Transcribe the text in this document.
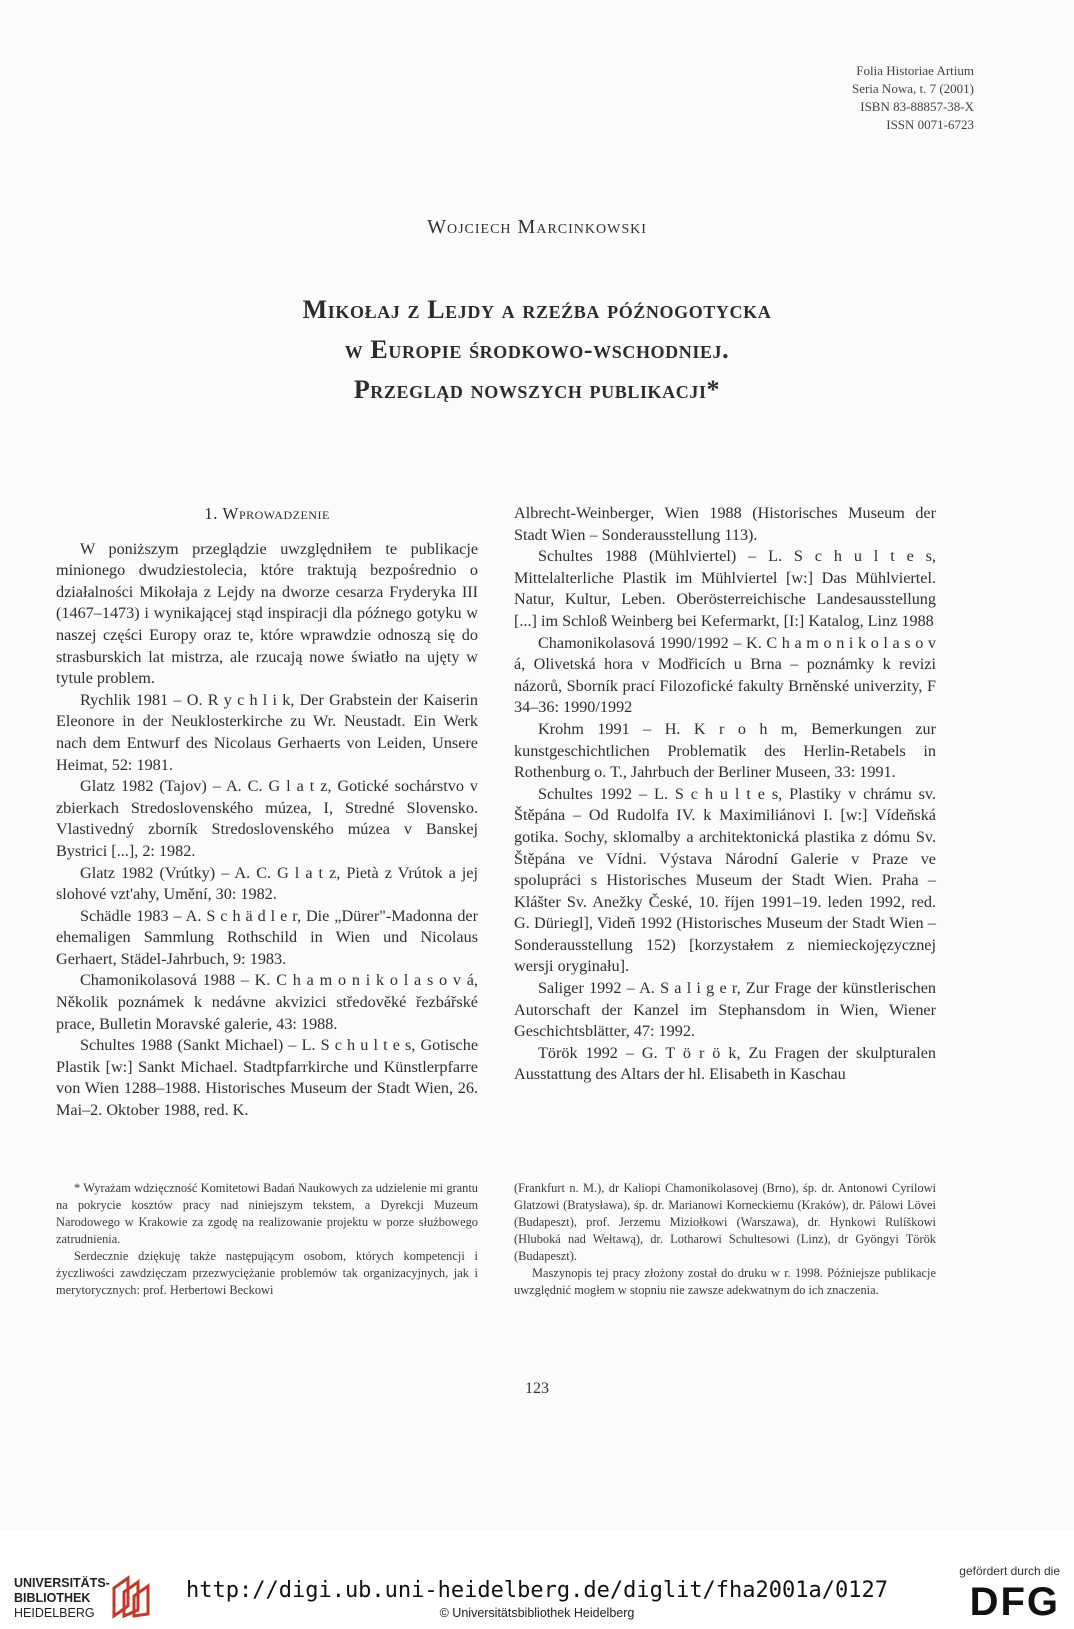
Folia Historiae Artium
Seria Nowa, t. 7 (2001)
ISBN 83-88857-38-X
ISSN 0071-6723
Wojciech Marcinkowski
Mikołaj z Lejdy a rzeźba późnogotycka
w Europie środkowo-wschodniej.
Przegląd nowszych publikacji*
1. Wprowadzenie

W poniższym przeglądzie uwzględniłem te publikacje minionego dwudziestolecia, które traktują bezpośrednio o działalności Mikołaja z Lejdy na dworze cesarza Fryderyka III (1467–1473) i wynikającej stąd inspiracji dla późnego gotyku w naszej części Europy oraz te, które wprawdzie odnoszą się do strasburskich lat mistrza, ale rzucają nowe światło na ujęty w tytule problem.

Rychlik 1981 – O. R y c h l i k, Der Grabstein der Kaiserin Eleonore in der Neuklosterkirche zu Wr. Neustadt. Ein Werk nach dem Entwurf des Nicolaus Gerhaerts von Leiden, Unsere Heimat, 52: 1981.

Glatz 1982 (Tajov) – A. C. G l a t z, Gotické sochárstvo v zbierkach Stredoslovenského múzea, I, Stredné Slovensko. Vlastivedný zborník Stredoslovenského múzea v Banskej Bystrici [...], 2: 1982.

Glatz 1982 (Vrútky) – A. C. G l a t z, Pietà z Vrútok a jej slohové vzt'ahy, Umění, 30: 1982.

Schädle 1983 – A. S c h ä d l e r, Die „Dürer"-Madonna der ehemaligen Sammlung Rothschild in Wien und Nicolaus Gerhaert, Städel-Jahrbuch, 9: 1983.

Chamonikolasová 1988 – K. C h a m o n i k o l a s o v á, Několik poznámek k nedávne akvizici středověké řezbářské prace, Bulletin Moravské galerie, 43: 1988.

Schultes 1988 (Sankt Michael) – L. S c h u l t e s, Gotische Plastik [w:] Sankt Michael. Stadtpfarrkirche und Künstlerpfarre von Wien 1288–1988. Historisches Museum der Stadt Wien, 26. Mai–2. Oktober 1988, red. K.

Albrecht-Weinberger, Wien 1988 (Historisches Museum der Stadt Wien – Sonderausstellung 113).

Schultes 1988 (Mühlviertel) – L. S c h u l t e s, Mittelalterliche Plastik im Mühlviertel [w:] Das Mühlviertel. Natur, Kultur, Leben. Oberösterreichische Landesausstellung [...] im Schloß Weinberg bei Kefermarkt, [I:] Katalog, Linz 1988

Chamonikolasová 1990/1992 – K. C h a m o n i k o l a s o v á, Olivetská hora v Modřicích u Brna – poznámky k revizi názorů, Sborník prací Filozofické fakulty Brněnské univerzity, F 34–36: 1990/1992

Krohm 1991 – H. K r o h m, Bemerkungen zur kunstgeschichtlichen Problematik des Herlin-Retabels in Rothenburg o. T., Jahrbuch der Berliner Museen, 33: 1991.

Schultes 1992 – L. S c h u l t e s, Plastiky v chrámu sv. Štěpána – Od Rudolfa IV. k Maximiliánovi I. [w:] Vídeňská gotika. Sochy, sklomalby a architektonická plastika z dómu Sv. Štěpána ve Vídni. Výstava Národní Galerie v Praze ve spolupráci s Historisches Museum der Stadt Wien. Praha – Klášter Sv. Anežky České, 10. říjen 1991–19. leden 1992, red. G. Düriegl], Videň 1992 (Historisches Museum der Stadt Wien – Sonderausstellung 152) [korzystałem z niemieckojęzycznej wersji oryginału].

Saliger 1992 – A. S a l i g e r, Zur Frage der künstlerischen Autorschaft der Kanzel im Stephansdom in Wien, Wiener Geschichtsblätter, 47: 1992.

Török 1992 – G. T ö r ö k, Zu Fragen der skulpturalen Ausstattung des Altars der hl. Elisabeth in Kaschau

* Wyrażam wdzięczność Komitetowi Badań Naukowych za udzielenie mi grantu na pokrycie kosztów pracy nad niniejszym tekstem, a Dyrekcji Muzeum Narodowego w Krakowie za zgodę na realizowanie projektu w porze służbowego zatrudnienia.

Serdecznie dziękuję także następującym osobom, których kompetencji i życzliwości zawdzięczam przezwyciężanie problemów tak organizacyjnych, jak i merytorycznych: prof. Herbertowi Beckowi

(Frankfurt n. M.), dr Kaliopi Chamonikolasovej (Brno), śp. dr. Antonowi Cyrilowi Glatzowi (Bratysława), śp. dr. Marianowi Korneckiemu (Kraków), dr. Pálowi Lövei (Budapeszt), prof. Jerzemu Miziołkowi (Warszawa), dr. Hynkowi Rulíškowi (Hluboká nad Wełtawą), dr. Lotharowi Schultesowi (Linz), dr Gyöngyi Török (Budapeszt).

Maszynopis tej pracy złożony został do druku w r. 1998. Późniejsze publikacje uwzględnić mogłem w stopniu nie zawsze adekwatnym do ich znaczenia.

123
UNIVERSITÄTS-
BIBLIOTHEK
HEIDELBERG
http://digi.ub.uni-heidelberg.de/diglit/fha2001a/0127
© Universitätsbibliothek Heidelberg
gefördert durch die
DFG
